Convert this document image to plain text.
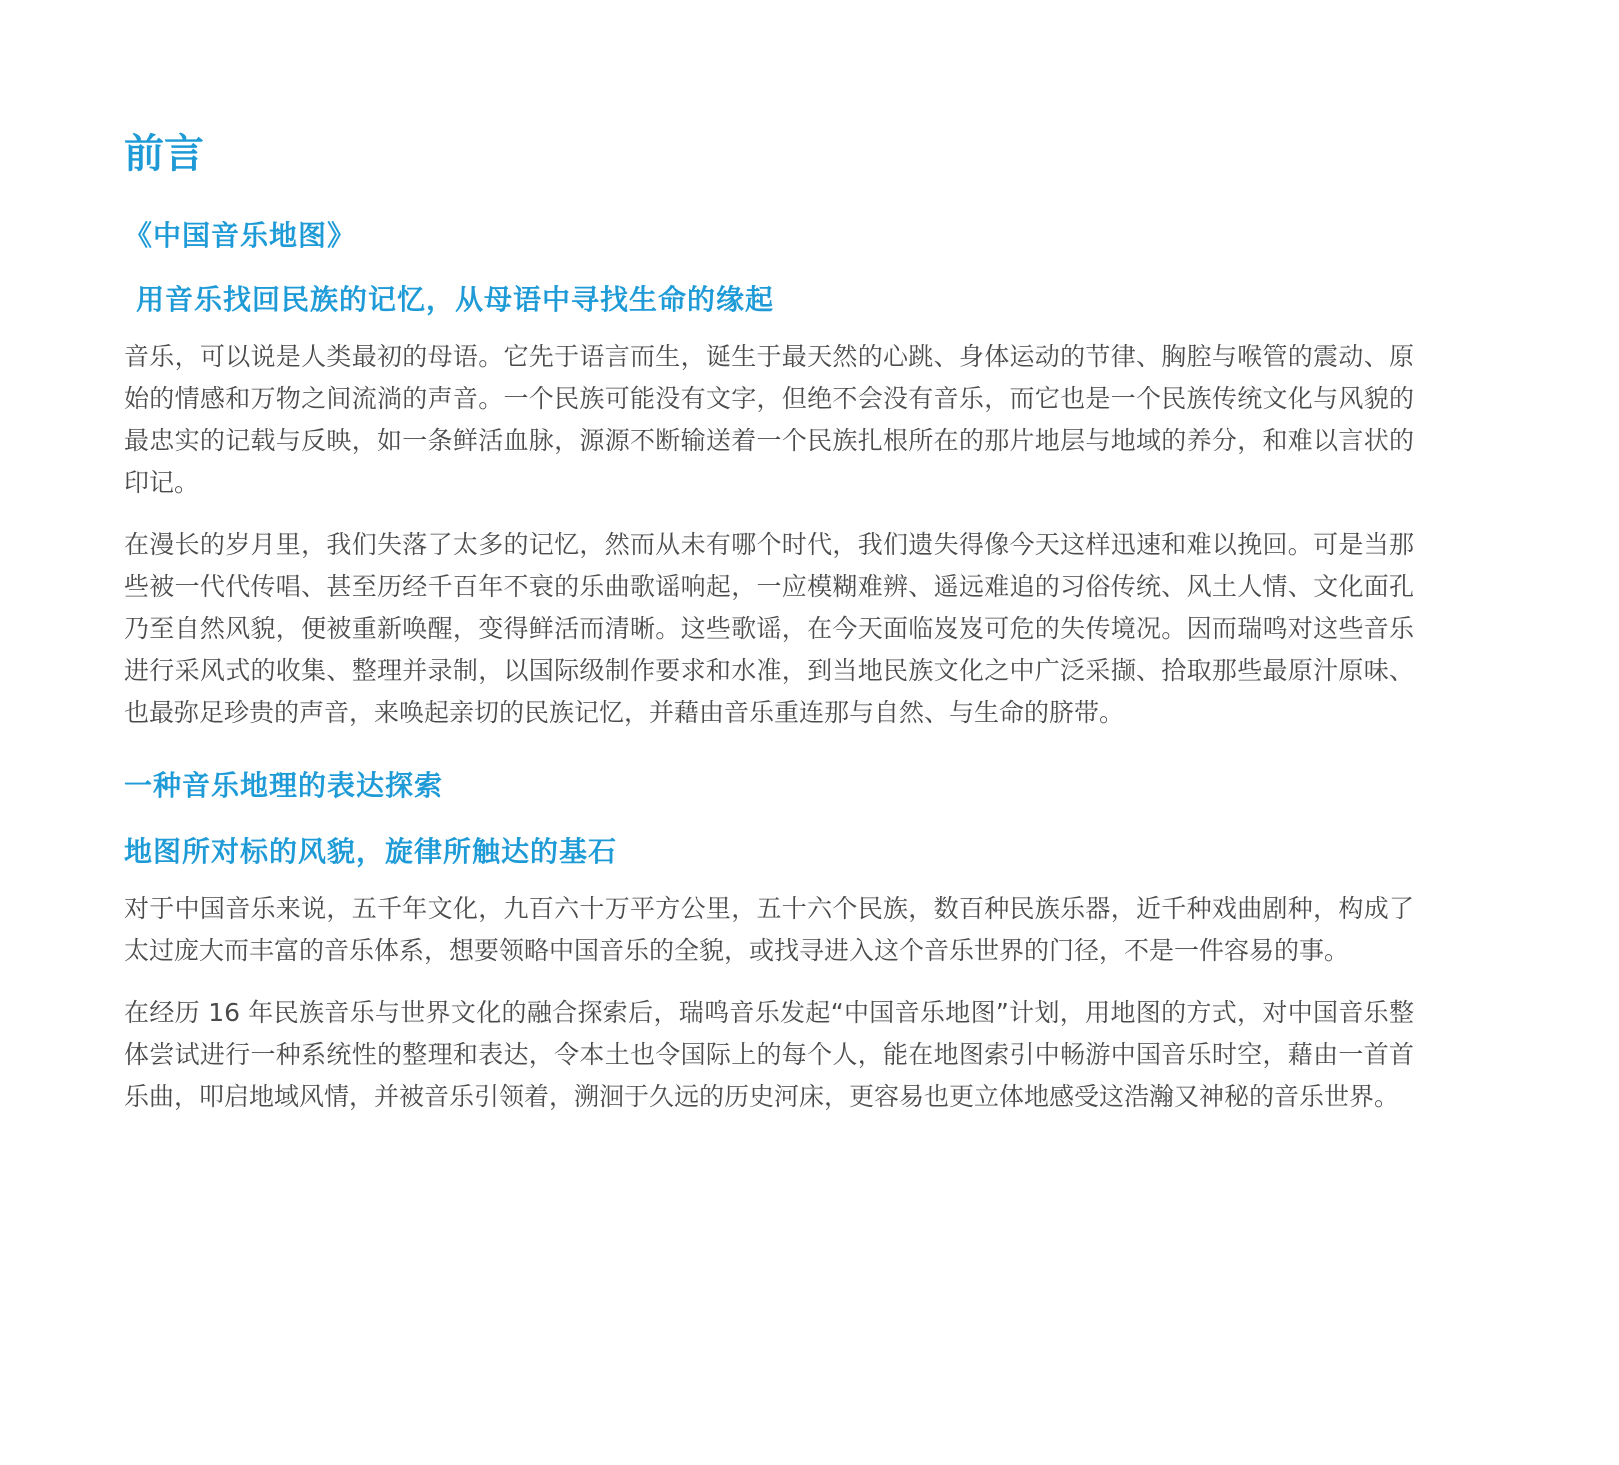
前言
《中国音乐地图》
用音乐找回民族的记忆，从母语中寻找生命的缘起

音乐，可以说是人类最初的母语。它先于语言而生，诞生于最天然的心跳、身体运动的节律、胸腔与喉管的震动、原始的情感和万物之间流淌的声音。一个民族可能没有文字，但绝不会没有音乐，而它也是一个民族传统文化与风貌的最忠实的记载与反映，如一条鲜活血脉，源源不断输送着一个民族扎根所在的那片地层与地域的养分，和难以言状的印记。

在漫长的岁月里，我们失落了太多的记忆，然而从未有哪个时代，我们遗失得像今天这样迅速和难以挽回。可是当那些被一代代传唱、甚至历经千百年不衰的乐曲歌谣响起，一应模糊难辨、遥远难追的习俗传统、风土人情、文化面孔乃至自然风貌，便被重新唤醒，变得鲜活而清晰。这些歌谣，在今天面临岌岌可危的失传境况。因而瑞鸣对这些音乐进行采风式的收集、整理并录制，以国际级制作要求和水准，到当地民族文化之中广泛采撷、拾取那些最原汁原味、也最弥足珍贵的声音，来唤起亲切的民族记忆，并藉由音乐重连那与自然、与生命的脐带。

一种音乐地理的表达探索
地图所对标的风貌，旋律所触达的基石

对于中国音乐来说，五千年文化，九百六十万平方公里，五十六个民族，数百种民族乐器，近千种戏曲剧种，构成了太过庞大而丰富的音乐体系，想要领略中国音乐的全貌，或找寻进入这个音乐世界的门径，不是一件容易的事。

在经历 16 年民族音乐与世界文化的融合探索后，瑞鸣音乐发起“中国音乐地图”计划，用地图的方式，对中国音乐整体尝试进行一种系统性的整理和表达，令本土也令国际上的每个人，能在地图索引中畅游中国音乐时空，藉由一首首乐曲，叩启地域风情，并被音乐引领着，溯洄于久远的历史河床，更容易也更立体地感受这浩瀚又神秘的音乐世界。
